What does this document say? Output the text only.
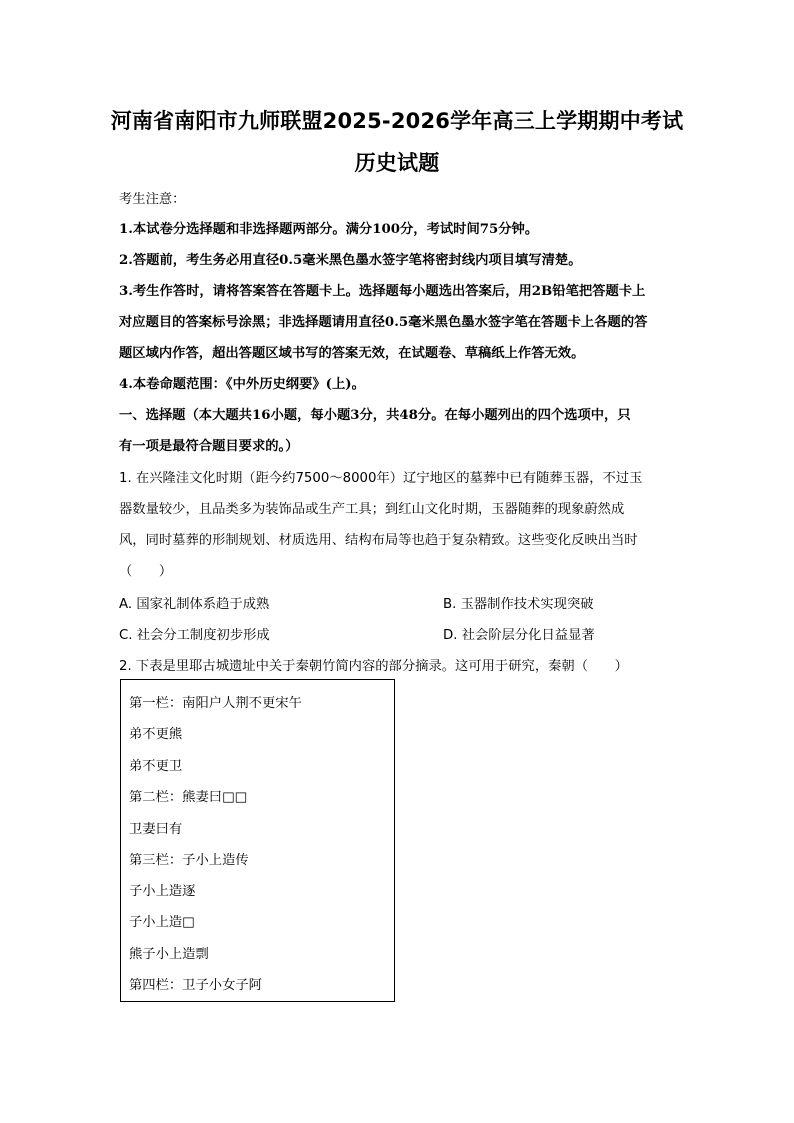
河南省南阳市九师联盟2025-2026学年高三上学期期中考试
历史试题
考生注意：
1.本试卷分选择题和非选择题两部分。满分100分，考试时间75分钟。
2.答题前，考生务必用直径0.5毫米黑色墨水签字笔将密封线内项目填写清楚。
3.考生作答时，请将答案答在答题卡上。选择题每小题选出答案后，用2B铅笔把答题卡上
对应题目的答案标号涂黑；非选择题请用直径0.5毫米黑色墨水签字笔在答题卡上各题的答
题区域内作答，超出答题区域书写的答案无效，在试题卷、草稿纸上作答无效。
4.本卷命题范围：《中外历史纲要》(上)。
一、选择题（本大题共16小题，每小题3分，共48分。在每小题列出的四个选项中，只
有一项是最符合题目要求的。）
1. 在兴隆洼文化时期（距今约7500～8000年）辽宁地区的墓葬中已有随葬玉器，不过玉
器数量较少，且品类多为装饰品或生产工具；到红山文化时期，玉器随葬的现象蔚然成
风，同时墓葬的形制规划、材质选用、结构布局等也趋于复杂精致。这些变化反映出当时
（　　）
A. 国家礼制体系趋于成熟	B. 玉器制作技术实现突破
C. 社会分工制度初步形成	D. 社会阶层分化日益显著
2. 下表是里耶古城遗址中关于秦朝竹简内容的部分摘录。这可用于研究，秦朝（　　）
第一栏：南阳户人荆不更宋午
弟不更熊
弟不更卫
第二栏：熊妻曰□□
卫妻曰有
第三栏：子小上造传
子小上造逐
子小上造□
熊子小上造剽
第四栏：卫子小女子阿
